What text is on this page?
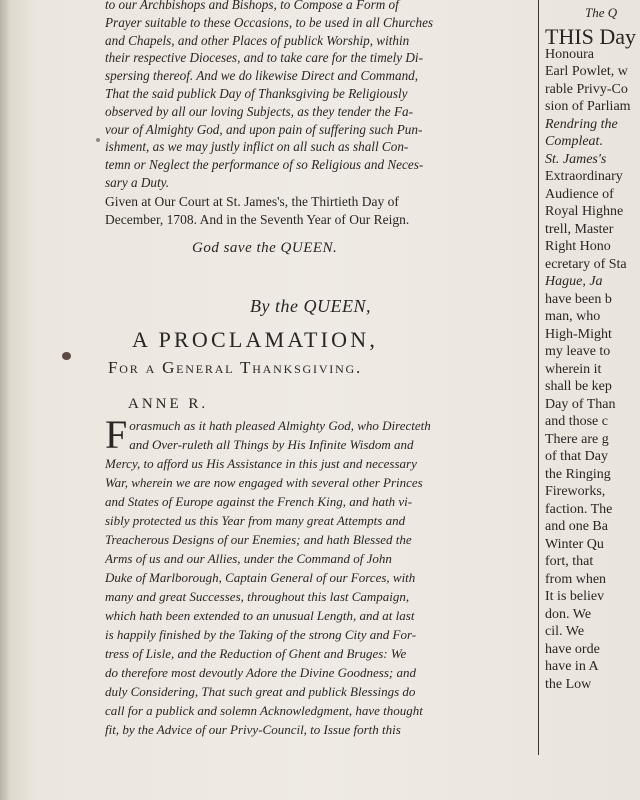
to our Archbishops and Bishops, to Compose a Form of
Prayer suitable to these Occasions, to be used in all Churches
and Chapels, and other Places of publick Worship, within
their respective Dioceses, and to take care for the timely Di-
spersing thereof. And we do likewise Direct and Command,
That the said publick Day of Thanksgiving be Religiously
observed by all our loving Subjects, as they tender the Fa-
vour of Almighty God, and upon pain of suffering such Pun-
ishment, as we may justly inflict on all such as shall Con-
temn or Neglect the performance of so Religious and Neces-
sary a Duty.
Given at Our Court at St. James's, the Thirtieth Day of
December, 1708. And in the Seventh Year of Our Reign.
God save the QUEEN.
By the QUEEN,
A PROCLAMATION,
For a General Thanksgiving.
ANNE R.
F orasmuch as it hath pleased Almighty God, who Directeth
and Over-ruleth all Things by His Infinite Wisdom and
Mercy, to afford us His Assistance in this just and necessary
War, wherein we are now engaged with several other Princes
and States of Europe against the French King, and hath vi-
sibly protected us this Year from many great Attempts and
Treacherous Designs of our Enemies; and hath Blessed the
Arms of us and our Allies, under the Command of John
Duke of Marlborough, Captain General of our Forces, with
many and great Successes, throughout this last Campaign,
which hath been extended to an unusual Length, and at last
is happily finished by the Taking of the strong City and For-
tress of Lisle, and the Reduction of Ghent and Bruges: We
do therefore most devoutly Adore the Divine Goodness; and
duly Considering, That such great and publick Blessings do
call for a publick and solemn Acknowledgment, have thought
fit, by the Advice of our Privy-Council, to Issue forth this
The Q
THIS Day
Honoura
Earl Powlet, w
rable Privy-Co
sion of Parliam
Rendring the
Compleat.
St. James's
Extraordinary
Audience of
Royal Highne
trell, Master
Right Hono
ecretary of Sta
Hague, Ja
have been b
man, who
High-Might
my leave to
wherein it
shall be kep
Day of Than
and those c
There are g
of that Day
the Ringing
Fireworks,
faction. The
and one Ba
Winter Qu
fort, that
from when
It is believ
don. We
cil. We
have orde
have in A
the Low
